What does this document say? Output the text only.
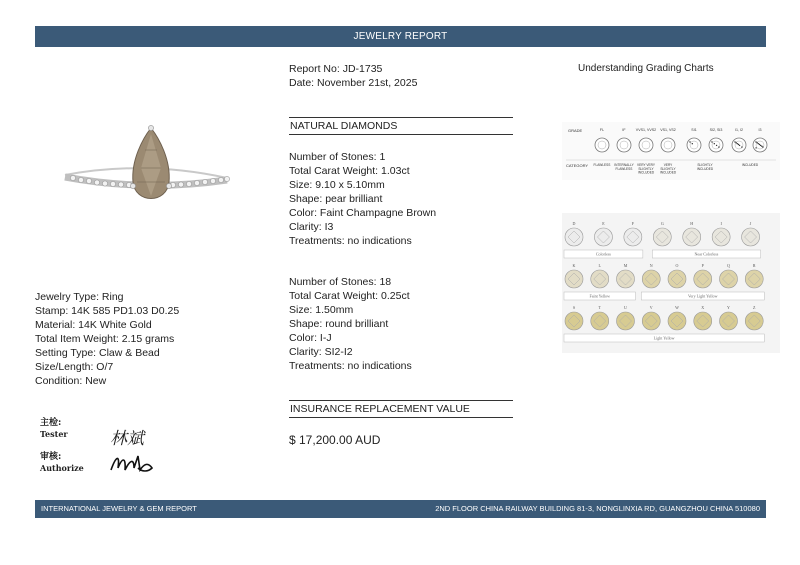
JEWELRY REPORT
Report No: JD-1735
Date: November 21st, 2025
Understanding Grading Charts
NATURAL DIAMONDS
Number of Stones: 1
Total Carat Weight: 1.03ct
Size: 9.10 x 5.10mm
Shape: pear brilliant
Color: Faint Champagne Brown
Clarity: I3
Treatments: no indications
Number of Stones: 18
Total Carat Weight: 0.25ct
Size: 1.50mm
Shape: round brilliant
Color: I-J
Clarity: SI2-I2
Treatments: no indications
Jewelry Type: Ring
Stamp: 14K 585 PD1.03 D0.25
Material: 14K White Gold
Total Item Weight: 2.15 grams
Setting Type: Claw & Bead
Size/Length: O/7
Condition: New
INSURANCE REPLACEMENT VALUE
$ 17,200.00 AUD
主检:
Tester 林斌
审核:
Authorize
GRADE
CATEGORY
FL	IF	VVS1, VVS2 VS1, VS2	SI1	SI2, SI3	I1, I2	I3
FLAWLESS INTERNALLY FLAWLESS
VERY VERY SLIGHTLY INCLUDED
VERY SLIGHTLY INCLUDED
SLIGHTLY INCLUDED
INCLUDED
D	E	F	G	H	I	J
Colorless	Near Colorless
K	L	M	N	O	P	Q	R
Faint Yellow	Very Light Yellow
S	T	U	V	W	X	Y	Z
Light Yellow
INTERNATIONAL JEWELRY & GEM REPORT	2ND FLOOR CHINA RAILWAY BUILDING 81-3, NONGLINXIA RD, GUANGZHOU CHINA 510080
